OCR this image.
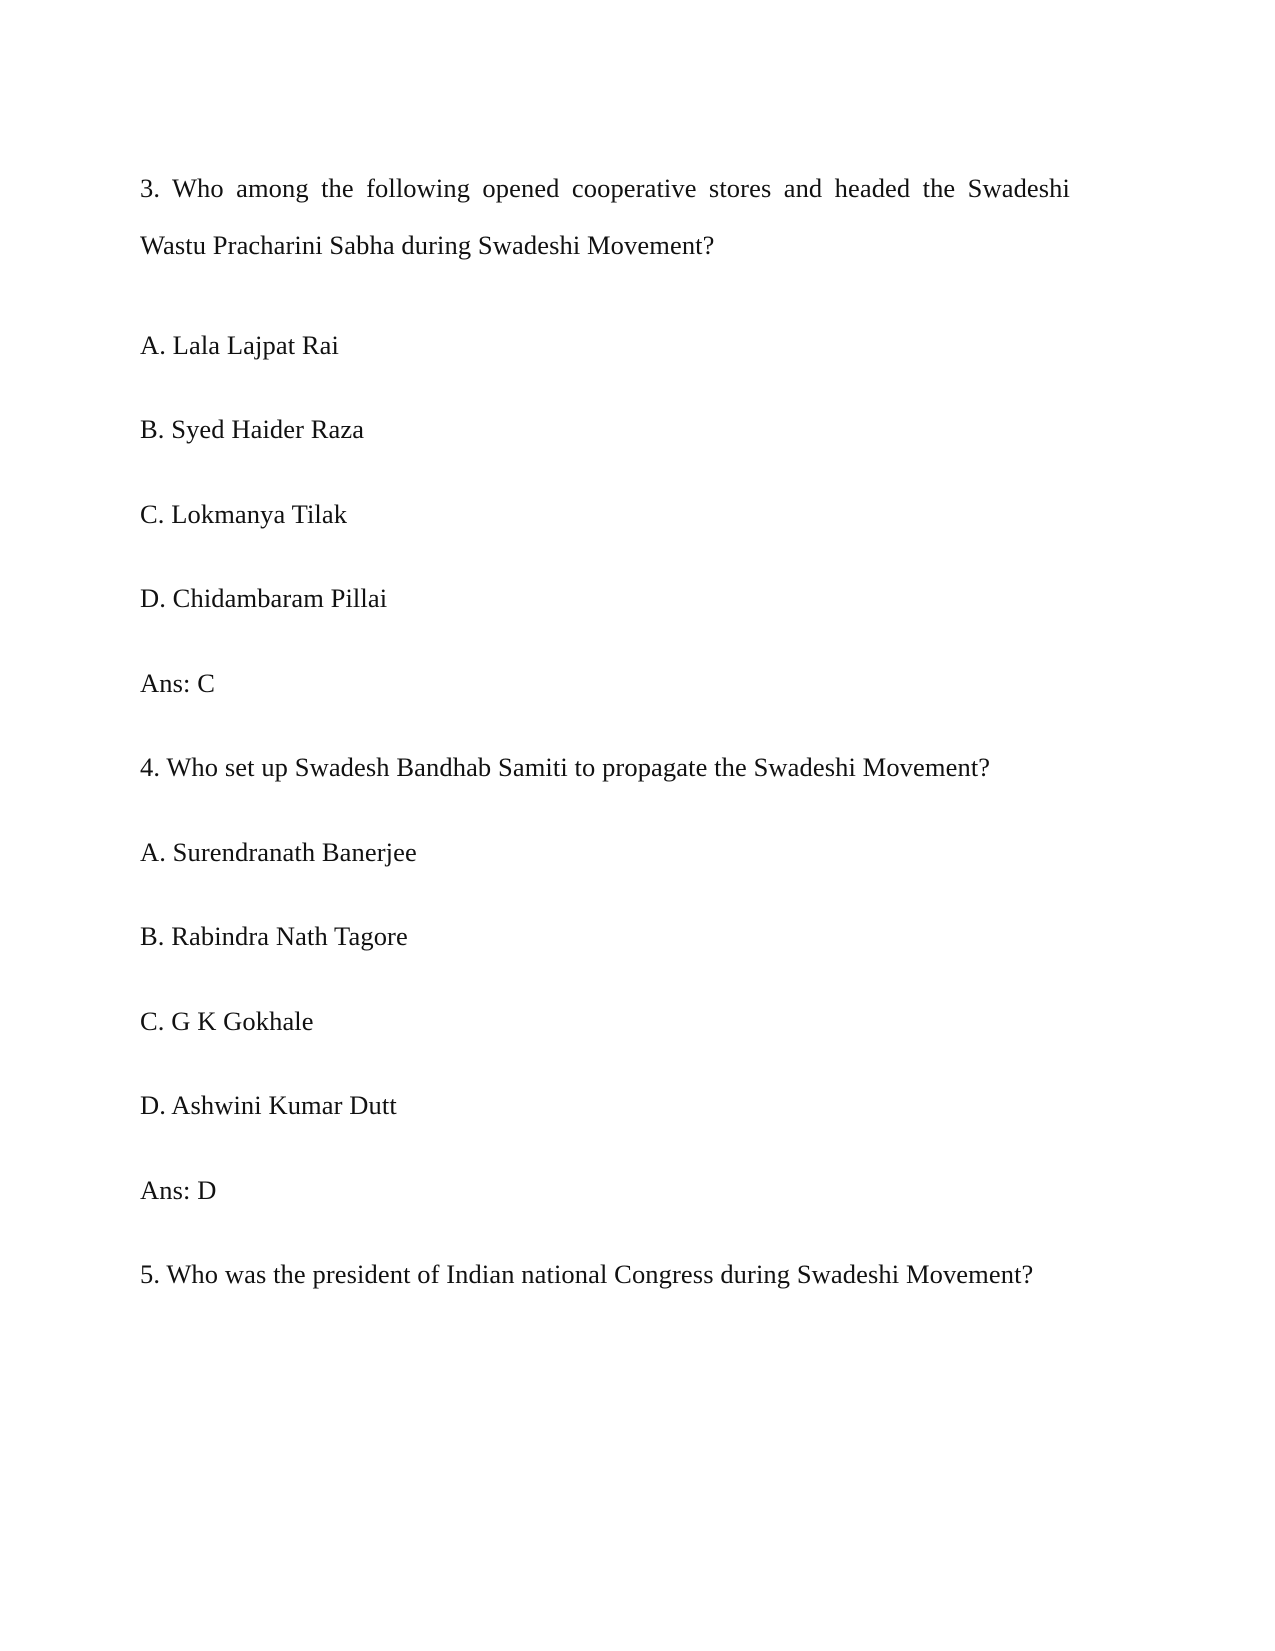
3. Who among the following opened cooperative stores and headed the Swadeshi Wastu Pracharini Sabha during Swadeshi Movement?

A. Lala Lajpat Rai

B. Syed Haider Raza

C. Lokmanya Tilak

D. Chidambaram Pillai

Ans: C

4. Who set up Swadesh Bandhab Samiti to propagate the Swadeshi Movement?

A. Surendranath Banerjee

B. Rabindra Nath Tagore

C. G K Gokhale

D. Ashwini Kumar Dutt

Ans: D

5. Who was the president of Indian national Congress during Swadeshi Movement?
